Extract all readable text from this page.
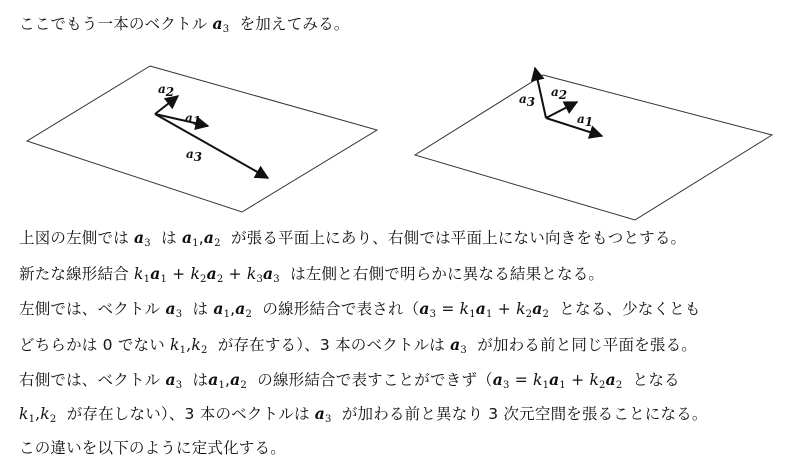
ここでもう一本のベクトル $a_3$  を加えてみる。
a2
a1
a3
a3
a2
a1
上図の左側では $a_3$  は $a_1,a_2$  が張る平面上にあり、右側では平面上にない向きをもつとする。
新たな線形結合 $k_1a_1 + k_2a_2 + k_3a_3$  は左側と右側で明らかに異なる結果となる。
左側では、ベクトル $a_3$  は $a_1,a_2$  の線形結合で表され（$a_3 = k_1a_1 + k_2a_2$  となる、少なくとも
どちらかは 0 でない $k_1,k_2$  が存在する）、3 本のベクトルは $a_3$  が加わる前と同じ平面を張る。
右側では、ベクトル $a_3$  は$a_1,a_2$  の線形結合で表すことができず（$a_3 = k_1a_1 + k_2a_2$  となる
$k_1,k_2$  が存在しない）、3 本のベクトルは $a_3$  が加わる前と異なり 3 次元空間を張ることになる。
この違いを以下のように定式化する。
